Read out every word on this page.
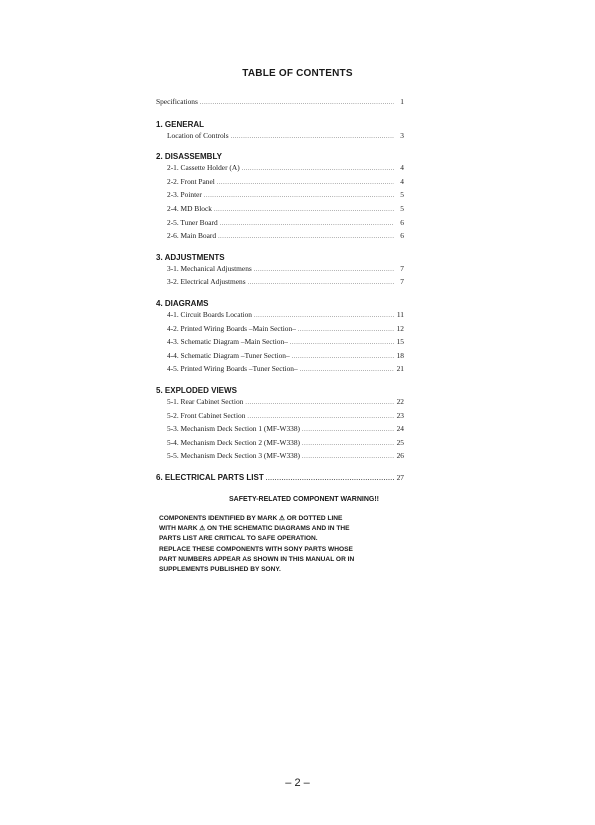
TABLE OF CONTENTS
Specifications .....	1
1. GENERAL
Location of Controls .....	3
2. DISASSEMBLY
2-1. Cassette Holder (A) .....	4
2-2. Front Panel .....	4
2-3. Pointer .....	5
2-4. MD Block .....	5
2-5. Tuner Board .....	6
2-6. Main Board .....	6
3. ADJUSTMENTS
3-1. Mechanical Adjustmens .....	7
3-2. Electrical Adjustmens .....	7
4. DIAGRAMS
4-1. Circuit Boards Location .....	11
4-2. Printed Wiring Boards –Main Section– .....	12
4-3. Schematic Diagram –Main Section– .....	15
4-4. Schematic Diagram –Tuner Section– .....	18
4-5. Printed Wiring Boards –Tuner Section– .....	21
5. EXPLODED VIEWS
5-1. Rear Cabinet Section .....	22
5-2. Front Cabinet Section .....	23
5-3. Mechanism Deck Section 1 (MF-W338) .....	24
5-4. Mechanism Deck Section 2 (MF-W338) .....	25
5-5. Mechanism Deck Section 3 (MF-W338) .....	26
6. ELECTRICAL PARTS LIST .....	27
SAFETY-RELATED COMPONENT WARNING!!
COMPONENTS IDENTIFIED BY MARK ⚠ OR DOTTED LINE
WITH MARK ⚠ ON THE SCHEMATIC DIAGRAMS AND IN THE
PARTS LIST ARE CRITICAL TO SAFE OPERATION.
REPLACE THESE COMPONENTS WITH SONY PARTS WHOSE
PART NUMBERS APPEAR AS SHOWN IN THIS MANUAL OR IN
SUPPLEMENTS PUBLISHED BY SONY.
– 2 –
